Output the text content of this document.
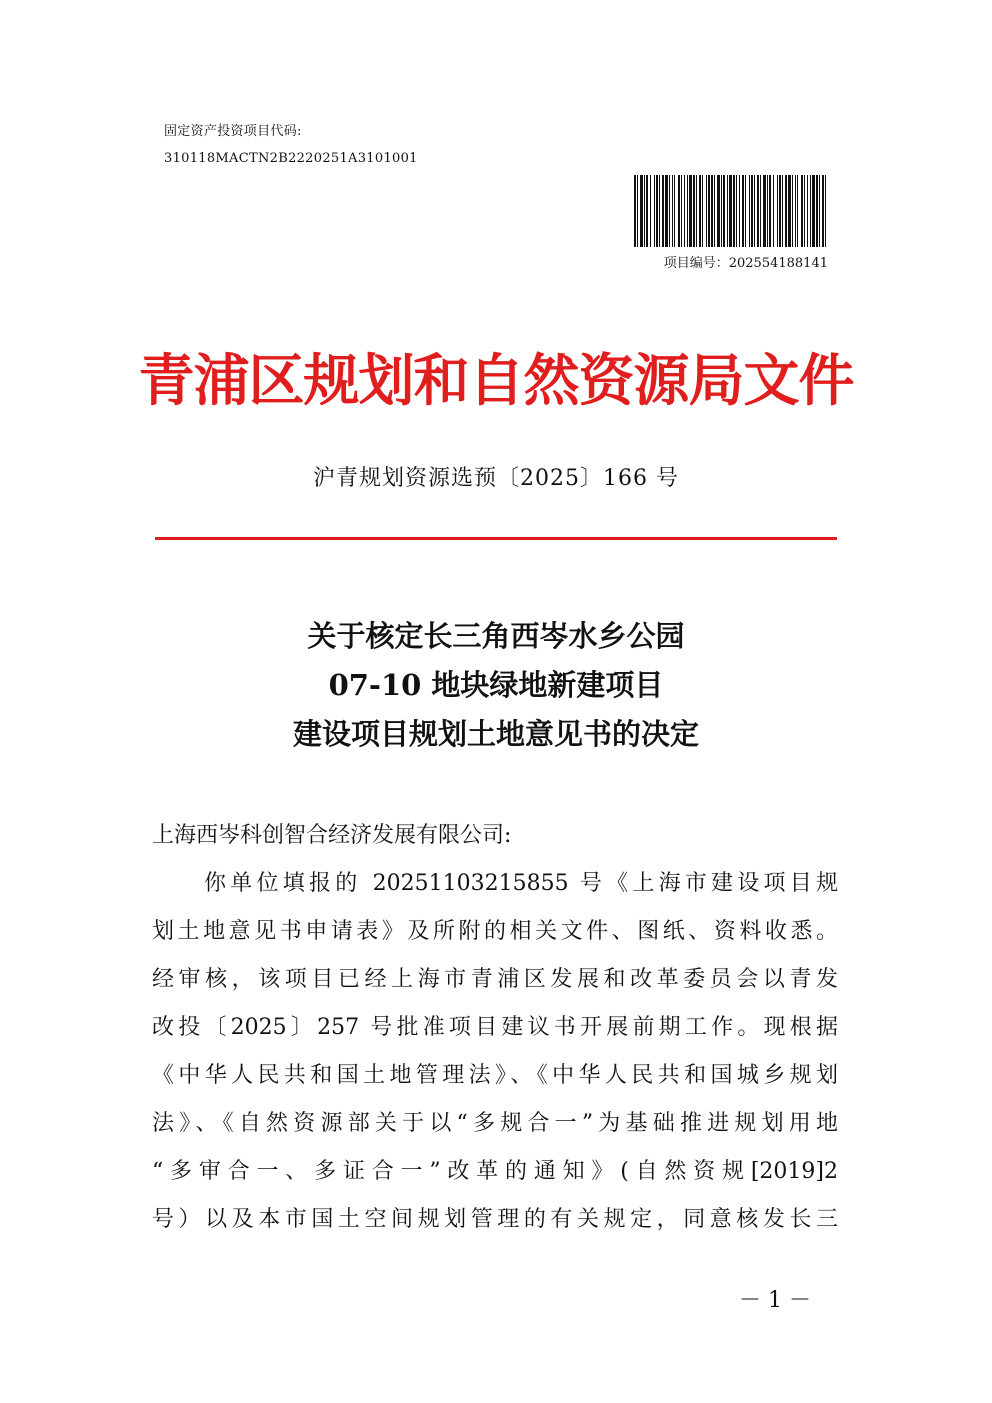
固定资产投资项目代码:
310118MACTN2B2220251A3101001
项目编号：202554188141
青浦区规划和自然资源局文件
沪青规划资源选预〔2025〕166 号
关于核定长三角西岑水乡公园
07-10 地块绿地新建项目
建设项目规划土地意见书的决定
上海西岑科创智合经济发展有限公司:
你单位填报的 20251103215855 号《上海市建设项目规
划土地意见书申请表》及所附的相关文件、图纸、资料收悉。
经审核，该项目已经上海市青浦区发展和改革委员会以青发
改投〔2025〕257 号批准项目建议书开展前期工作。现根据
《中华人民共和国土地管理法》、《中华人民共和国城乡规划
法》、《自然资源部关于以“多规合一”为基础推进规划用地
“多审合一、多证合一”改革的通知》(自然资规[2019]2
号）以及本市国土空间规划管理的有关规定，同意核发长三
－ 1 －
